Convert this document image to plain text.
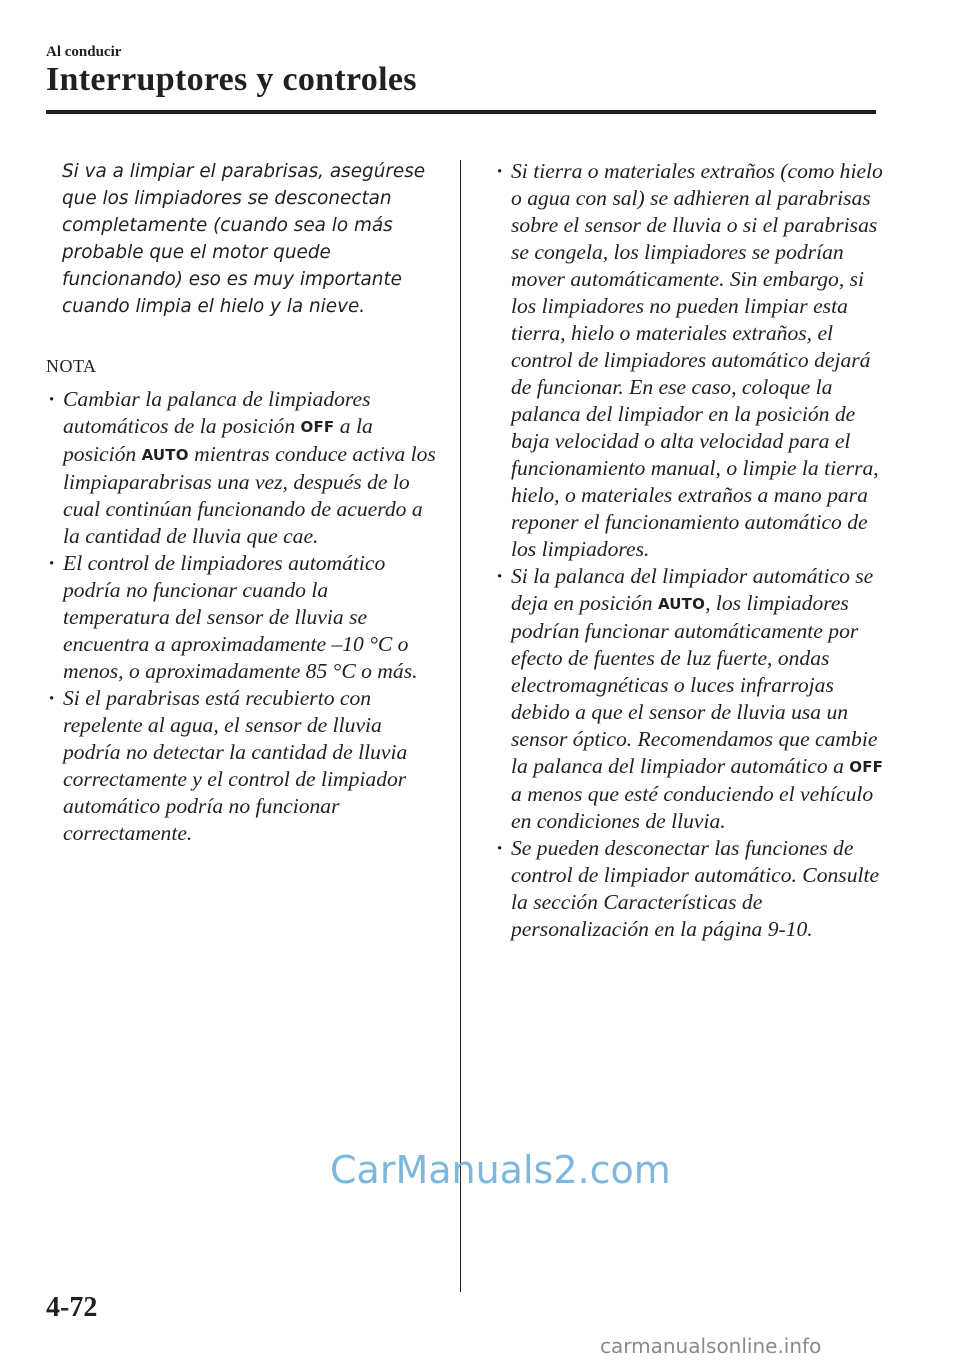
Al conducir
Interruptores y controles

Si va a limpiar el parabrisas, asegúrese que los limpiadores se desconectan completamente (cuando sea lo más probable que el motor quede funcionando) eso es muy importante cuando limpia el hielo y la nieve.

NOTA
· Cambiar la palanca de limpiadores automáticos de la posición OFF a la posición AUTO mientras conduce activa los limpiaparabrisas una vez, después de lo cual continúan funcionando de acuerdo a la cantidad de lluvia que cae.
· El control de limpiadores automático podría no funcionar cuando la temperatura del sensor de lluvia se encuentra a aproximadamente –10 °C o menos, o aproximadamente 85 °C o más.
· Si el parabrisas está recubierto con repelente al agua, el sensor de lluvia podría no detectar la cantidad de lluvia correctamente y el control de limpiador automático podría no funcionar correctamente.
· Si tierra o materiales extraños (como hielo o agua con sal) se adhieren al parabrisas sobre el sensor de lluvia o si el parabrisas se congela, los limpiadores se podrían mover automáticamente. Sin embargo, si los limpiadores no pueden limpiar esta tierra, hielo o materiales extraños, el control de limpiadores automático dejará de funcionar. En ese caso, coloque la palanca del limpiador en la posición de baja velocidad o alta velocidad para el funcionamiento manual, o limpie la tierra, hielo, o materiales extraños a mano para reponer el funcionamiento automático de los limpiadores.
· Si la palanca del limpiador automático se deja en posición AUTO, los limpiadores podrían funcionar automáticamente por efecto de fuentes de luz fuerte, ondas electromagnéticas o luces infrarrojas debido a que el sensor de lluvia usa un sensor óptico. Recomendamos que cambie la palanca del limpiador automático a OFF a menos que esté conduciendo el vehículo en condiciones de lluvia.
· Se pueden desconectar las funciones de control de limpiador automático. Consulte la sección Características de personalización en la página 9-10.
CarManuals2.com
4-72
carmanualsonline.info
